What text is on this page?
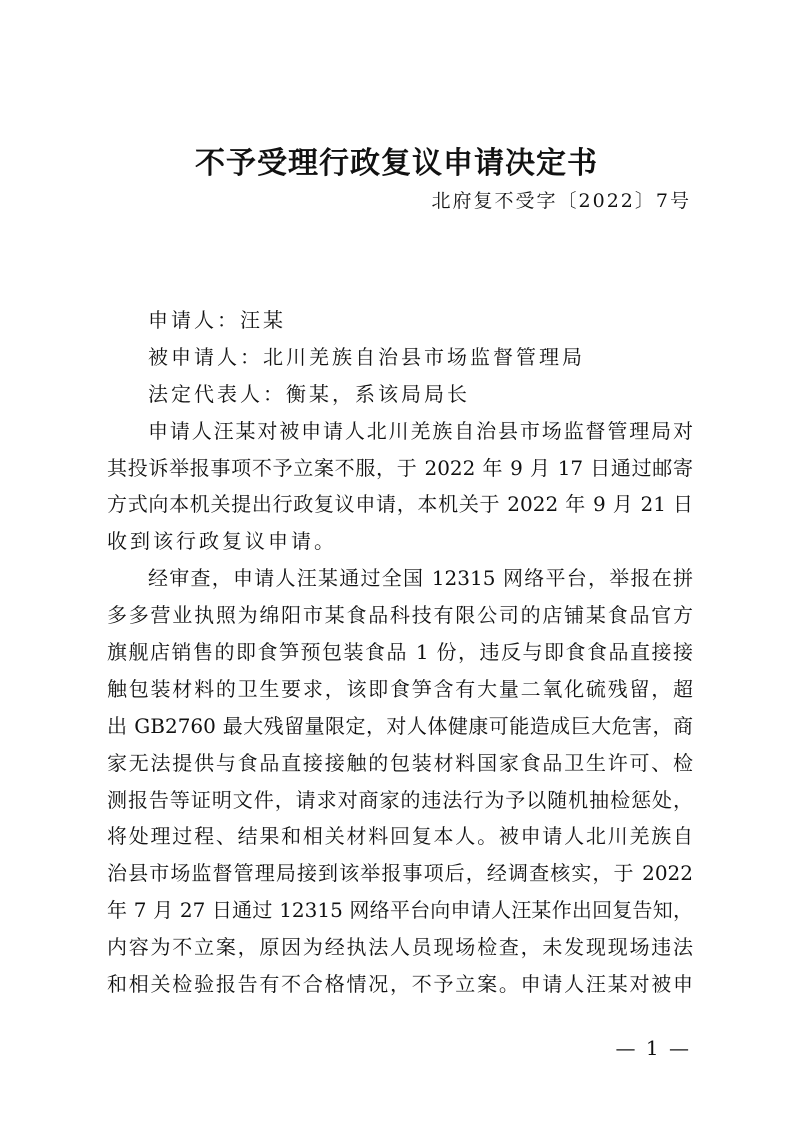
不予受理行政复议申请决定书
北府复不受字〔2022〕7号
申请人：汪某
被申请人：北川羌族自治县市场监督管理局
法定代表人：衡某，系该局局长
申请人汪某对被申请人北川羌族自治县市场监督管理局对
其投诉举报事项不予立案不服，于 2022 年 9 月 17 日通过邮寄
方式向本机关提出行政复议申请，本机关于 2022 年 9 月 21 日
收到该行政复议申请。
经审查，申请人汪某通过全国 12315 网络平台，举报在拼
多多营业执照为绵阳市某食品科技有限公司的店铺某食品官方
旗舰店销售的即食笋预包装食品 1 份，违反与即食食品直接接
触包装材料的卫生要求，该即食笋含有大量二氧化硫残留，超
出 GB2760 最大残留量限定，对人体健康可能造成巨大危害，商
家无法提供与食品直接接触的包装材料国家食品卫生许可、检
测报告等证明文件，请求对商家的违法行为予以随机抽检惩处，
将处理过程、结果和相关材料回复本人。被申请人北川羌族自
治县市场监督管理局接到该举报事项后，经调查核实，于 2022
年 7 月 27 日通过 12315 网络平台向申请人汪某作出回复告知，
内容为不立案，原因为经执法人员现场检查，未发现现场违法
和相关检验报告有不合格情况，不予立案。申请人汪某对被申
— 1 —
